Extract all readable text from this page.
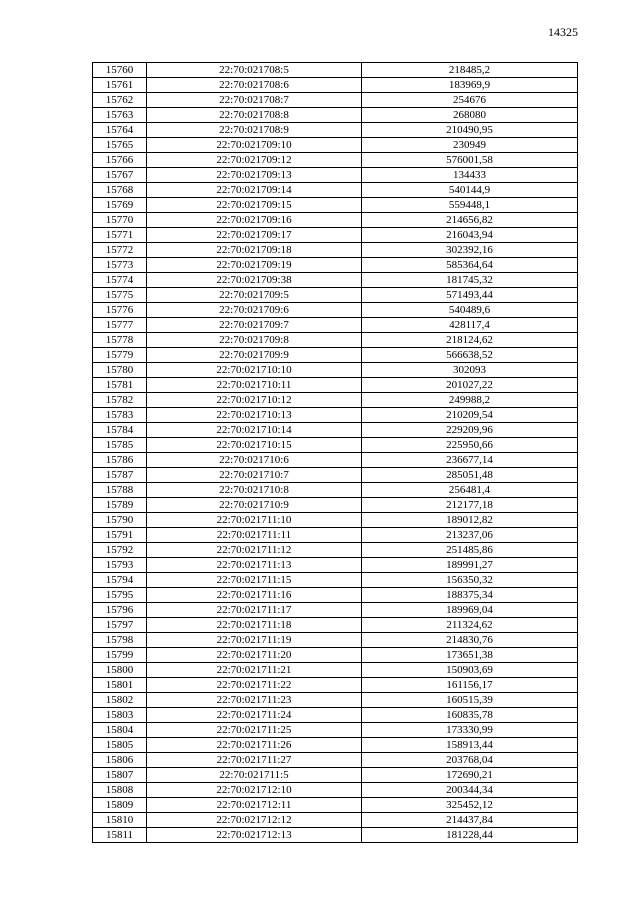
14325
15760	22:70:021708:5	218485,2
15761	22:70:021708:6	183969,9
15762	22:70:021708:7	254676
15763	22:70:021708:8	268080
15764	22:70:021708:9	210490,95
15765	22:70:021709:10	230949
15766	22:70:021709:12	576001,58
15767	22:70:021709:13	134433
15768	22:70:021709:14	540144,9
15769	22:70:021709:15	559448,1
15770	22:70:021709:16	214656,82
15771	22:70:021709:17	216043,94
15772	22:70:021709:18	302392,16
15773	22:70:021709:19	585364,64
15774	22:70:021709:38	181745,32
15775	22:70:021709:5	571493,44
15776	22:70:021709:6	540489,6
15777	22:70:021709:7	428117,4
15778	22:70:021709:8	218124,62
15779	22:70:021709:9	566638,52
15780	22:70:021710:10	302093
15781	22:70:021710:11	201027,22
15782	22:70:021710:12	249988,2
15783	22:70:021710:13	210209,54
15784	22:70:021710:14	229209,96
15785	22:70:021710:15	225950,66
15786	22:70:021710:6	236677,14
15787	22:70:021710:7	285051,48
15788	22:70:021710:8	256481,4
15789	22:70:021710:9	212177,18
15790	22:70:021711:10	189012,82
15791	22:70:021711:11	213237,06
15792	22:70:021711:12	251485,86
15793	22:70:021711:13	189991,27
15794	22:70:021711:15	156350,32
15795	22:70:021711:16	188375,34
15796	22:70:021711:17	189969,04
15797	22:70:021711:18	211324,62
15798	22:70:021711:19	214830,76
15799	22:70:021711:20	173651,38
15800	22:70:021711:21	150903,69
15801	22:70:021711:22	161156,17
15802	22:70:021711:23	160515,39
15803	22:70:021711:24	160835,78
15804	22:70:021711:25	173330,99
15805	22:70:021711:26	158913,44
15806	22:70:021711:27	203768,04
15807	22:70:021711:5	172690,21
15808	22:70:021712:10	200344,34
15809	22:70:021712:11	325452,12
15810	22:70:021712:12	214437,84
15811	22:70:021712:13	181228,44
